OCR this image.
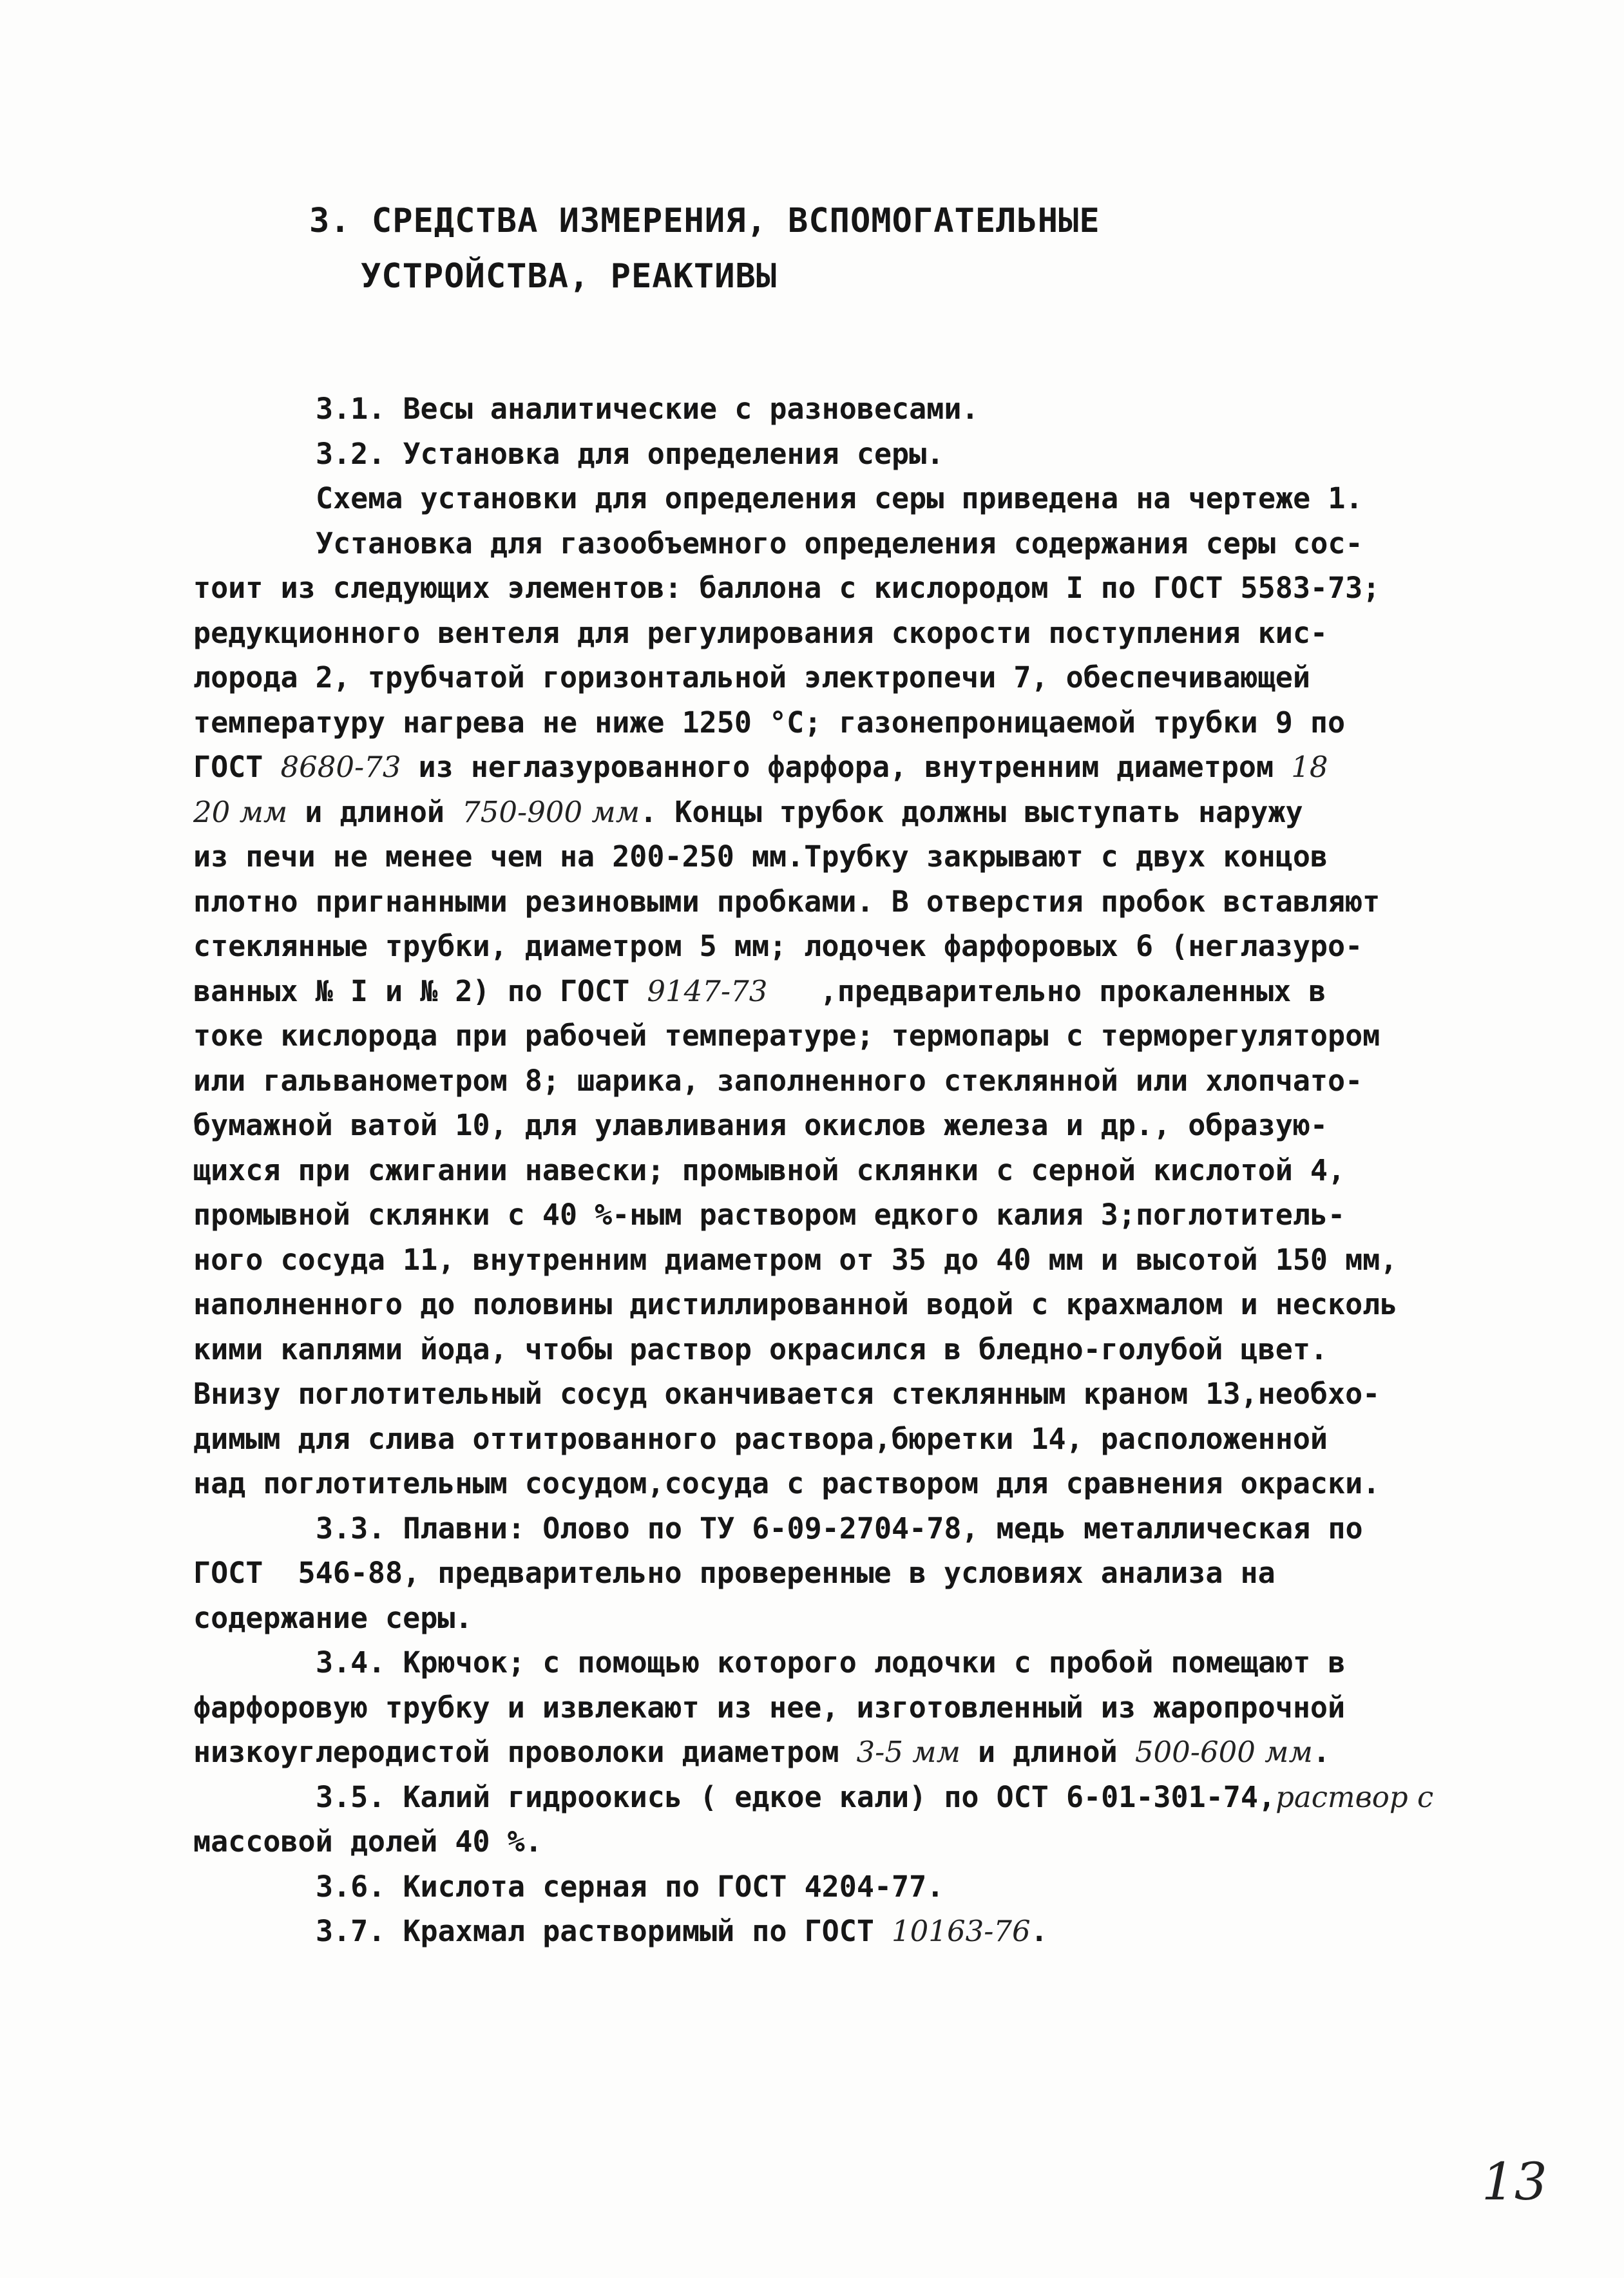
3. СРЕДСТВА ИЗМЕРЕНИЯ, ВСПОМОГАТЕЛЬНЫЕ
УСТРОЙСТВА, РЕАКТИВЫ
3.1. Весы аналитические с разновесами.
3.2. Установка для определения серы.
Схема установки для определения серы приведена на чертеже 1.
Установка для газообъемного определения содержания серы сос-
тоит из следующих элементов: баллона с кислородом I по ГОСТ 5583-73;
редукционного вентеля для регулирования скорости поступления кис-
лорода 2, трубчатой горизонтальной электропечи 7, обеспечивающей
температуру нагрева не ниже 1250 °С; газонепроницаемой трубки 9 по
ГОСТ 8680-73 из неглазурованного фарфора, внутренним диаметром 18
20 мм и длиной 750-900 мм. Концы трубок должны выступать наружу
из печи не менее чем на 200-250 мм.Трубку закрывают с двух концов
плотно пригнанными резиновыми пробками. В отверстия пробок вставляют
стеклянные трубки, диаметром 5 мм; лодочек фарфоровых 6 (неглазуро-
ванных № I и № 2) по ГОСТ 9147-73   ,предварительно прокаленных в
токе кислорода при рабочей температуре; термопары с терморегулятором
или гальванометром 8; шарика, заполненного стеклянной или хлопчато-
бумажной ватой 10, для улавливания окислов железа и др., образую-
щихся при сжигании навески; промывной склянки с серной кислотой 4,
промывной склянки с 40 %-ным раствором едкого калия 3;поглотитель-
ного сосуда 11, внутренним диаметром от 35 до 40 мм и высотой 150 мм,
наполненного до половины дистиллированной водой с крахмалом и несколь
кими каплями йода, чтобы раствор окрасился в бледно-голубой цвет.
Внизу поглотительный сосуд оканчивается стеклянным краном 13,необхо-
димым для слива оттитрованного раствора,бюретки 14, расположенной
над поглотительным сосудом,сосуда с раствором для сравнения окраски.
3.3. Плавни: Олово по ТУ 6-09-2704-78, медь металлическая по
ГОСТ  546-88, предварительно проверенные в условиях анализа на
содержание серы.
3.4. Крючок; с помощью которого лодочки с пробой помещают в
фарфоровую трубку и извлекают из нее, изготовленный из жаропрочной
низкоуглеродистой проволоки диаметром 3-5 мм и длиной 500-600 мм.
3.5. Калий гидроокись ( едкое кали) по ОСТ 6-01-301-74,раствор с
массовой долей 40 %.
3.6. Кислота серная по ГОСТ 4204-77.
3.7. Крахмал растворимый по ГОСТ 10163-76.
13
